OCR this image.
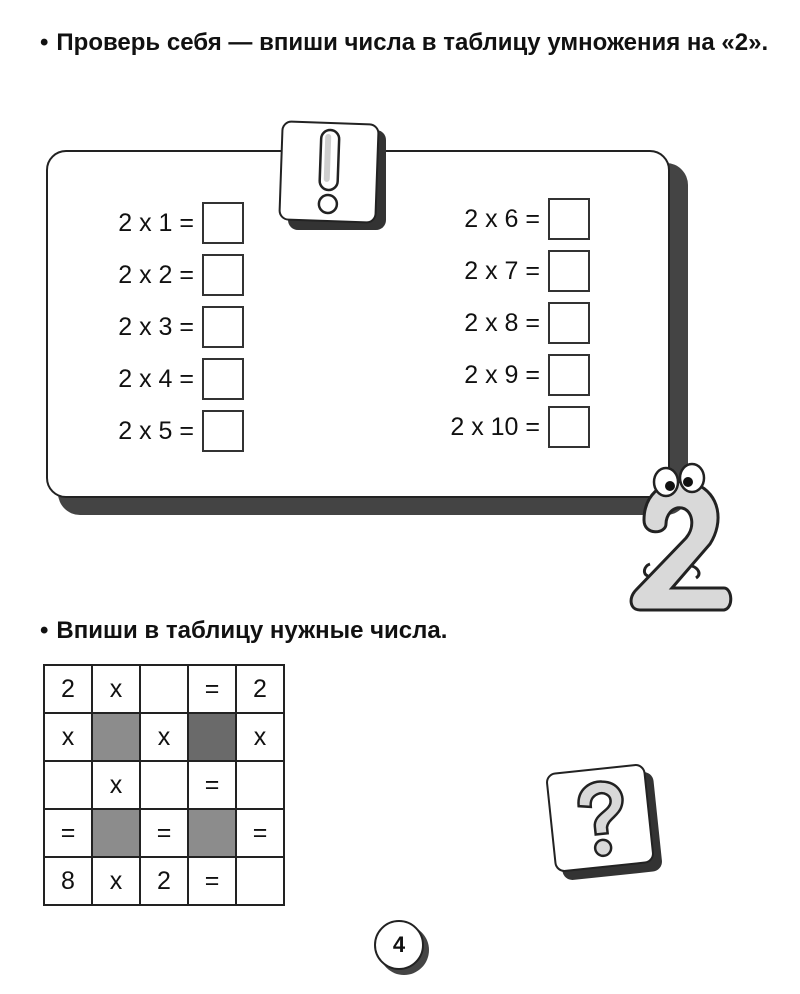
• Проверь себя — впиши числа в таблицу умножения на «2».
2 x 1 =
2 x 2 =
2 x 3 =
2 x 4 =
2 x 5 =
2 x 6 =
2 x 7 =
2 x 8 =
2 x 9 =
2 x 10 =
• Впиши в таблицу нужные числа.
2	x		=	2
x		x		x
	x		=	
=		=		=
8	x	2	=	
4
